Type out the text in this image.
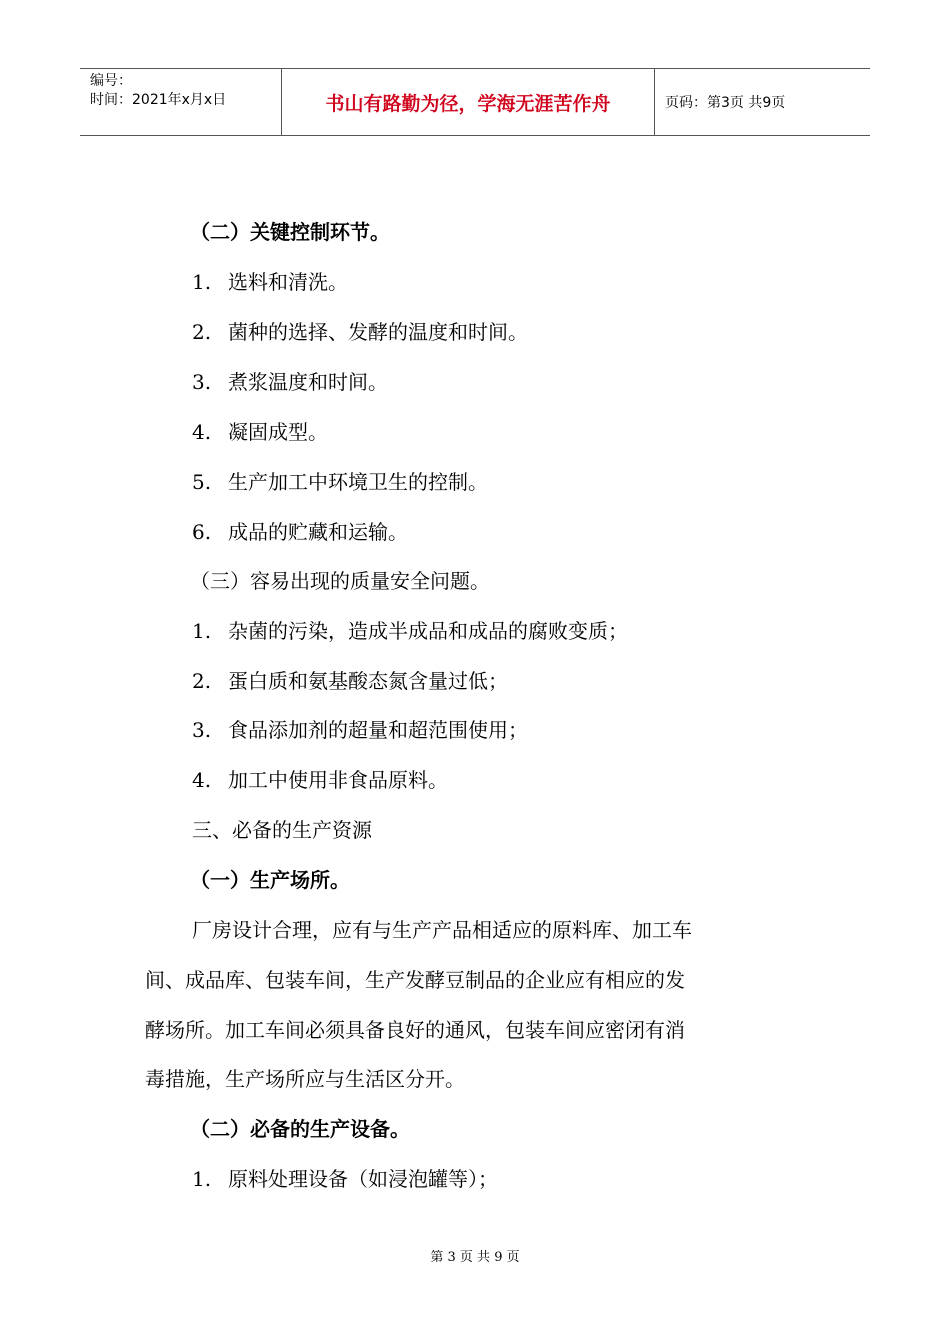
编号：
时间：2021年x月x日	书山有路勤为径，学海无涯苦作舟	页码：第3页 共9页
（二）关键控制环节。
1. 选料和清洗。
2. 菌种的选择、发酵的温度和时间。
3. 煮浆温度和时间。
4. 凝固成型。
5. 生产加工中环境卫生的控制。
6. 成品的贮藏和运输。
（三）容易出现的质量安全问题。
1. 杂菌的污染，造成半成品和成品的腐败变质；
2. 蛋白质和氨基酸态氮含量过低；
3. 食品添加剂的超量和超范围使用；
4. 加工中使用非食品原料。
三、必备的生产资源
（一）生产场所。
厂房设计合理，应有与生产产品相适应的原料库、加工车
间、成品库、包装车间，生产发酵豆制品的企业应有相应的发
酵场所。加工车间必须具备良好的通风，包装车间应密闭有消
毒措施，生产场所应与生活区分开。
（二）必备的生产设备。
1. 原料处理设备（如浸泡罐等）；
第 3 页 共 9 页
